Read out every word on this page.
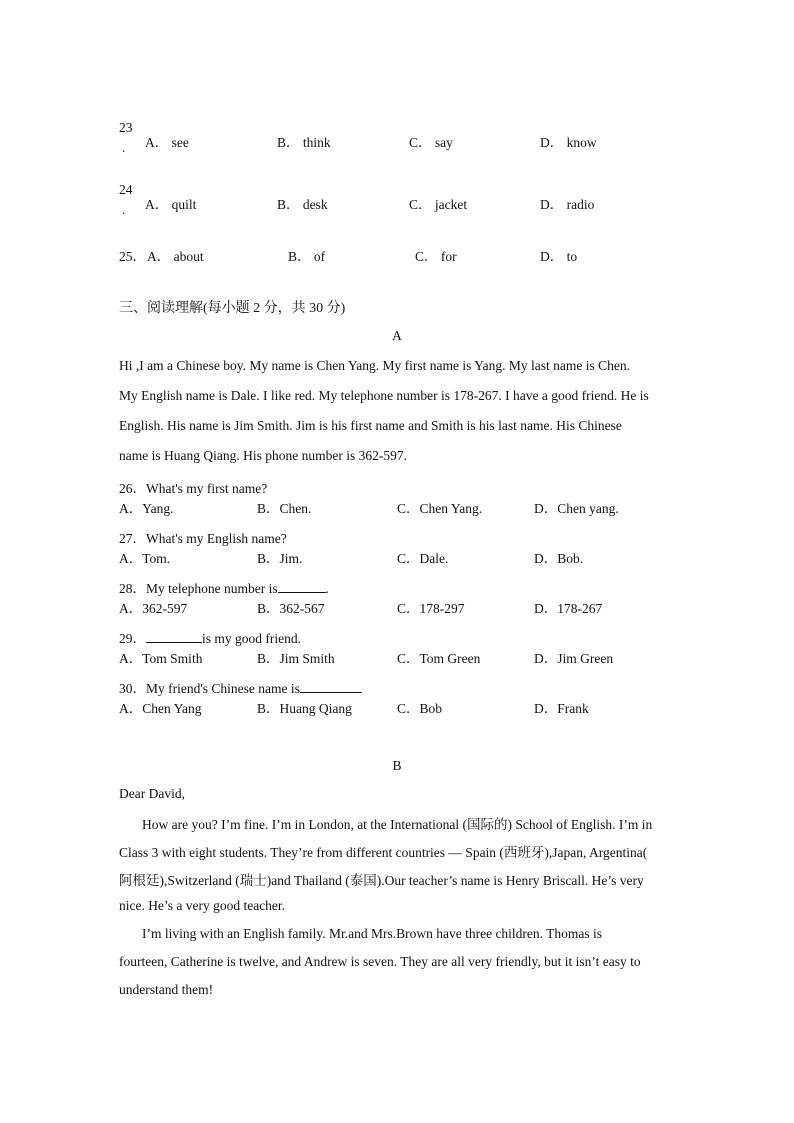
23
. A． see	B． think	C． say	D． know
24
. A． quilt	B． desk	C． jacket	D． radio
25． A． about	B． of	C． for	D． to
三、阅读理解(每小题 2 分，共 30 分)
A
Hi ,I am a Chinese boy. My name is Chen Yang. My first name is Yang. My last name is Chen.
My English name is Dale. I like red. My telephone number is 178-267. I have a good friend. He is
English. His name is Jim Smith. Jim is his first name and Smith is his last name. His Chinese
name is Huang Qiang. His phone number is 362-597.
26．What's my first name?
A．Yang.	B．Chen.	C．Chen Yang.	D．Chen yang.
27．What's my English name?
A．Tom.	B．Jim.	C．Dale.	D．Bob.
28．My telephone number is	.
A．362-597	B．362-567	C．178-297	D．178-267
29．	is my good friend.
A．Tom Smith	B．Jim Smith	C．Tom Green	D．Jim Green
30．My friend's Chinese name is
A．Chen Yang	B．Huang Qiang	C．Bob	D．Frank
B
Dear David,
How are you? I’m fine. I’m in London, at the International (国际的) School of English. I’m in
Class 3 with eight students. They’re from different countries — Spain (西班牙),Japan, Argentina(
阿根廷),Switzerland (瑞士)and Thailand (泰国).Our teacher’s name is Henry Briscall. He’s very
nice. He’s a very good teacher.
I’m living with an English family. Mr.and Mrs.Brown have three children. Thomas is
fourteen, Catherine is twelve, and Andrew is seven. They are all very friendly, but it isn’t easy to
understand them!
